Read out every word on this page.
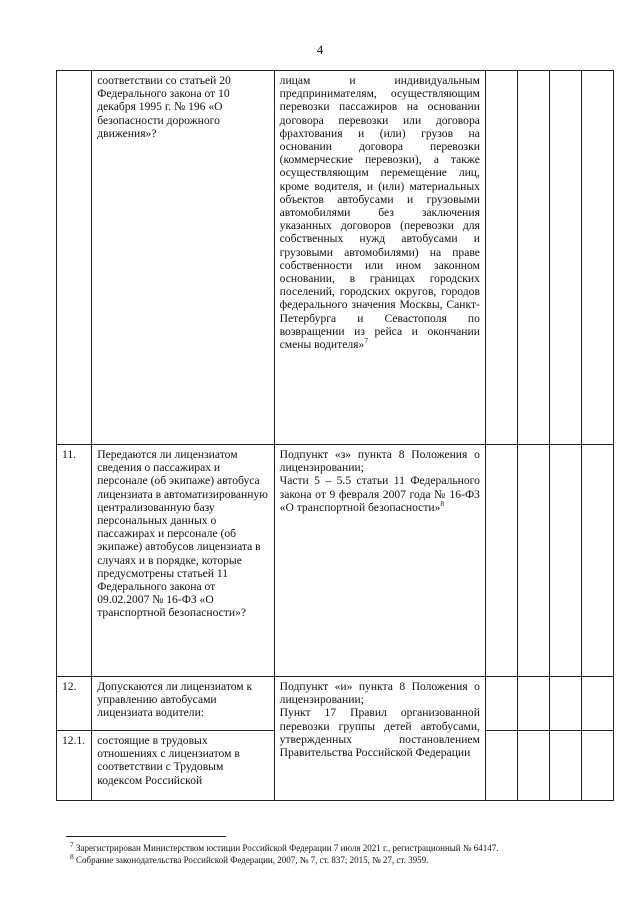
4
	соответствии со статьей 20 Федерального закона от 10 декабря 1995 г. № 196 «О безопасности дорожного движения»?	лицам и индивидуальным предпринимателям, осуществляющим перевозки пассажиров на основании договора перевозки или договора фрахтования и (или) грузов на основании договора перевозки (коммерческие перевозки), а также осуществляющим перемещение лиц, кроме водителя, и (или) материальных объектов автобусами и грузовыми автомобилями без заключения указанных договоров (перевозки для собственных нужд автобусами и грузовыми автомобилями) на праве собственности или ином законном основании, в границах городских поселений, городских округов, городов федерального значения Москвы, Санкт-Петербурга и Севастополя по возвращении из рейса и окончании смены водителя»$^7$				
11.	Передаются ли лицензиатом сведения о пассажирах и персонале (об экипаже) автобуса лицензиата в автоматизированную централизованную базу персональных данных о пассажирах и персонале (об экипаже) автобусов лицензиата в случаях и в порядке, которые предусмотрены статьей 11 Федерального закона от 09.02.2007 № 16-ФЗ «О транспортной безопасности»?	Подпункт «з» пункта 8 Положения о лицензировании;
Части 5 – 5.5 статьи 11 Федерального закона от 9 февраля 2007 года № 16-ФЗ «О транспортной безопасности»$^8$

12.	Допускаются ли лицензиатом к управлению автобусами лицензиата водители:	Подпункт «и» пункта 8 Положения о лицензировании;
Пункт 17 Правил организованной перевозки группы детей автобусами, утвержденных постановлением Правительства Российской Федерации				

12.1.	состоящие в трудовых отношениях с лицензиатом в соответствии с Трудовым кодексом Российской					
$^7$ Зарегистрирован Министерством юстиции Российской Федерации 7 июля 2021 г., регистрационный № 64147.
$^8$ Собрание законодательства Российской Федерации, 2007, № 7, ст. 837; 2015, № 27, ст. 3959.
